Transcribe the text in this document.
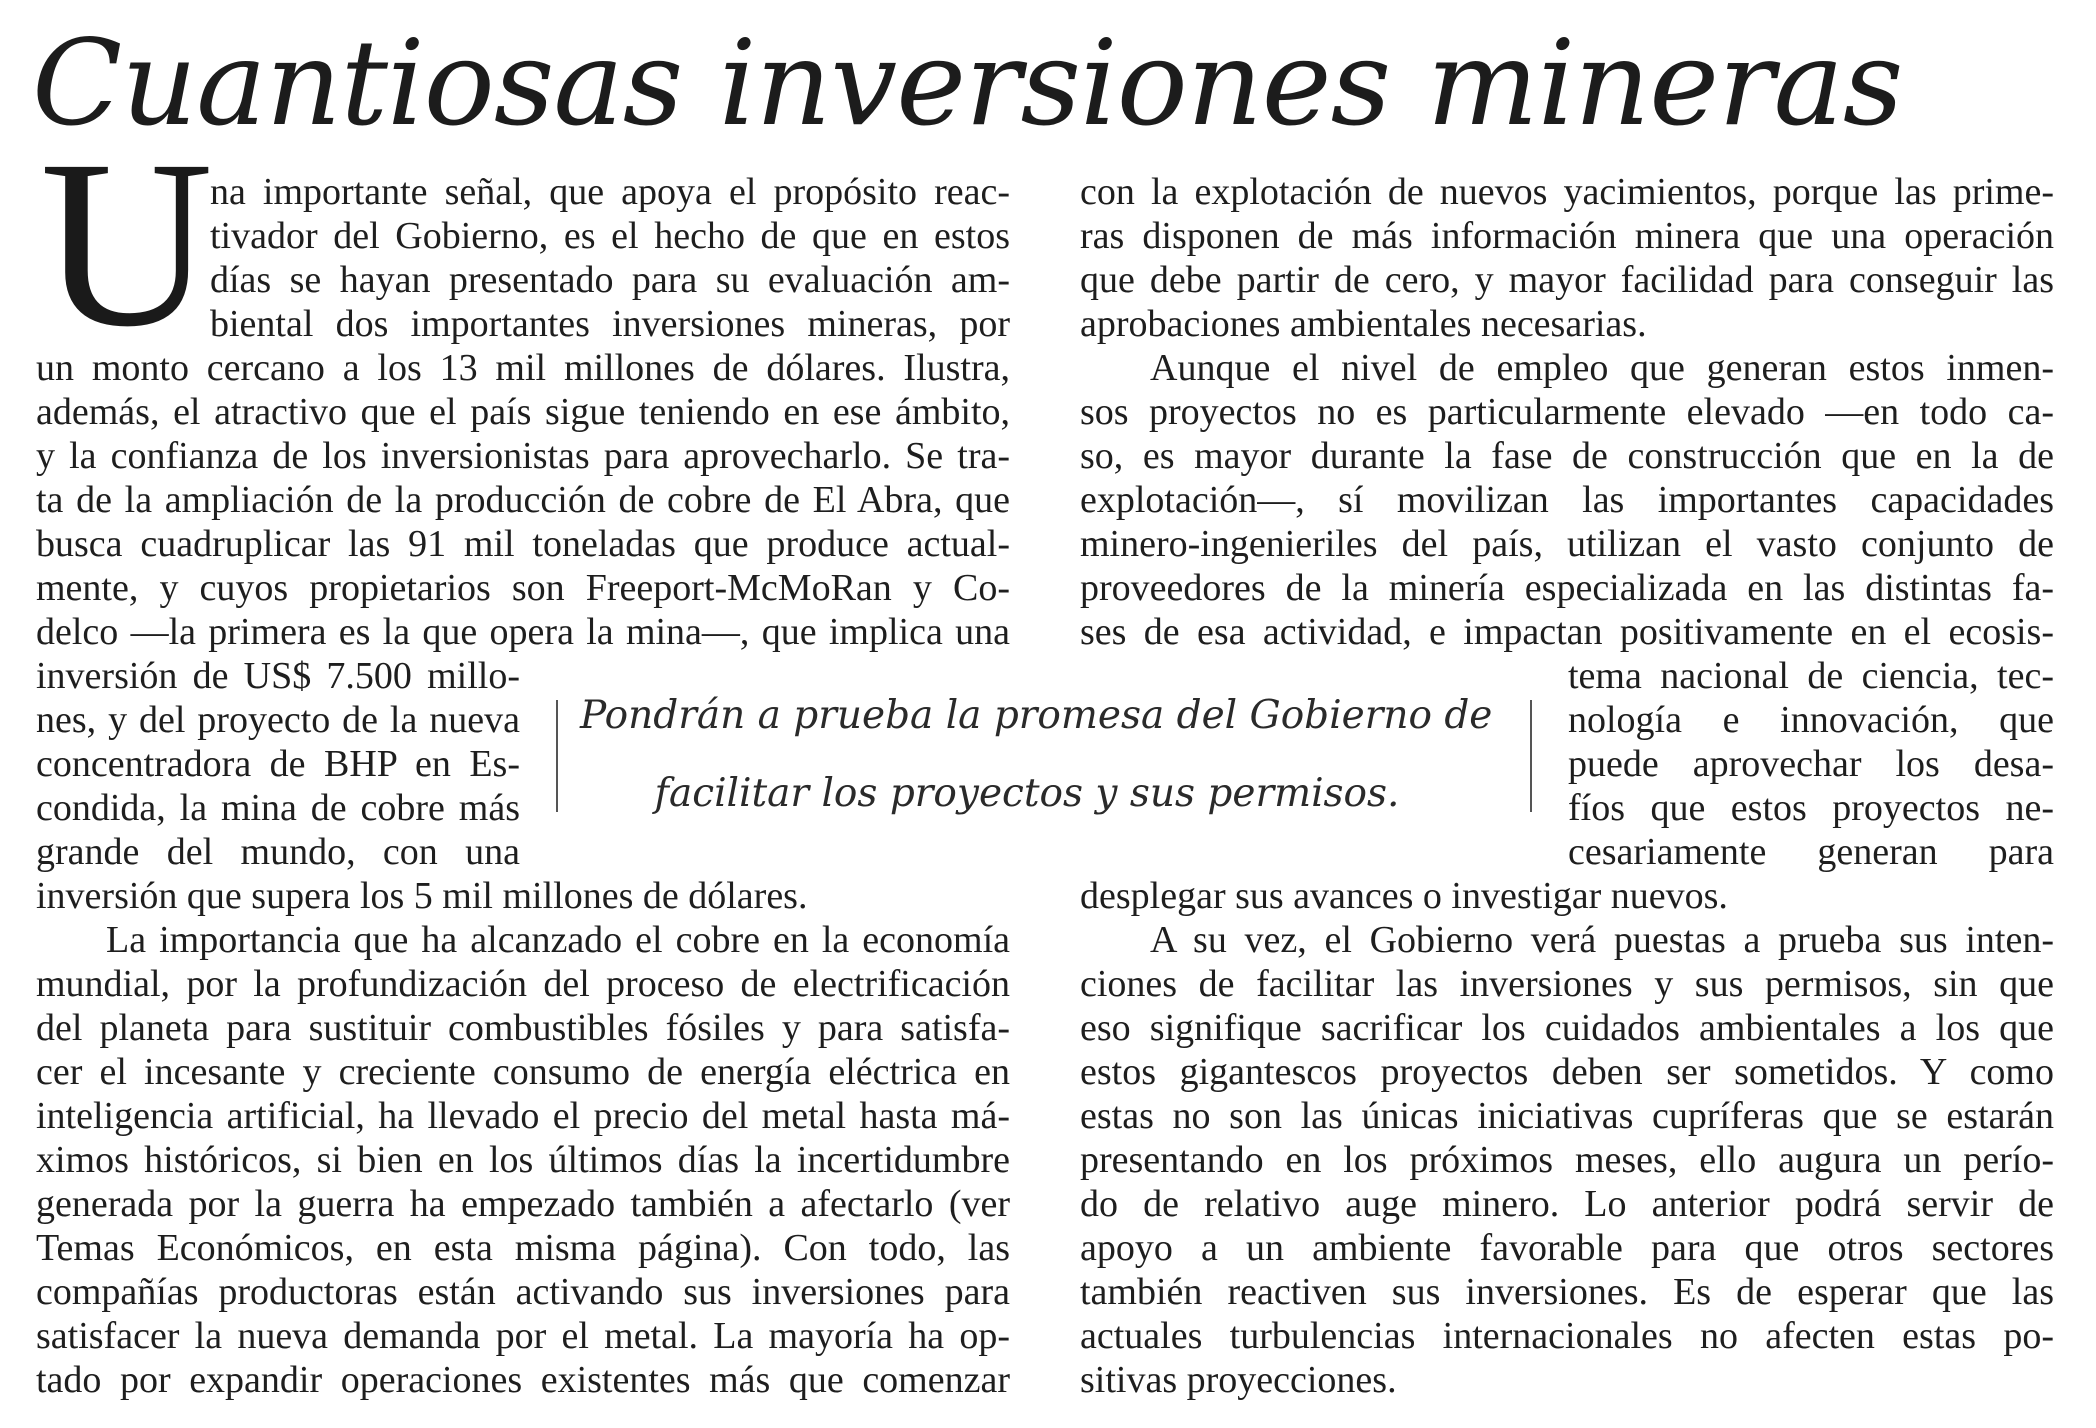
Cuantiosas inversiones mineras
U

na importante señal, que apoya el propósito reac-

tivador del Gobierno, es el hecho de que en estos

días se hayan presentado para su evaluación am-

biental dos importantes inversiones mineras, por

un monto cercano a los 13 mil millones de dólares. Ilustra,

además, el atractivo que el país sigue teniendo en ese ámbito,

y la confianza de los inversionistas para aprovecharlo. Se tra-

ta de la ampliación de la producción de cobre de El Abra, que

busca cuadruplicar las 91 mil toneladas que produce actual-

mente, y cuyos propietarios son Freeport-McMoRan y Co-

delco —la primera es la que opera la mina—, que implica una

inversión de US$ 7.500 millo-

nes, y del proyecto de la nueva

concentradora de BHP en Es-

condida, la mina de cobre más

grande del mundo, con una

inversión que supera los 5 mil millones de dólares.

La importancia que ha alcanzado el cobre en la economía

mundial, por la profundización del proceso de electrificación

del planeta para sustituir combustibles fósiles y para satisfa-

cer el incesante y creciente consumo de energía eléctrica en

inteligencia artificial, ha llevado el precio del metal hasta má-

ximos históricos, si bien en los últimos días la incertidumbre

generada por la guerra ha empezado también a afectarlo (ver

Temas Económicos, en esta misma página). Con todo, las

compañías productoras están activando sus inversiones para

satisfacer la nueva demanda por el metal. La mayoría ha op-

tado por expandir operaciones existentes más que comenzar

con la explotación de nuevos yacimientos, porque las prime-

ras disponen de más información minera que una operación

que debe partir de cero, y mayor facilidad para conseguir las

aprobaciones ambientales necesarias.

Aunque el nivel de empleo que generan estos inmen-

sos proyectos no es particularmente elevado —en todo ca-

so, es mayor durante la fase de construcción que en la de

explotación—, sí movilizan las importantes capacidades

minero-ingenieriles del país, utilizan el vasto conjunto de

proveedores de la minería especializada en las distintas fa-

ses de esa actividad, e impactan positivamente en el ecosis-

tema nacional de ciencia, tec-

nología e innovación, que

puede aprovechar los desa-

fíos que estos proyectos ne-

cesariamente generan para

desplegar sus avances o investigar nuevos.

A su vez, el Gobierno verá puestas a prueba sus inten-

ciones de facilitar las inversiones y sus permisos, sin que

eso signifique sacrificar los cuidados ambientales a los que

estos gigantescos proyectos deben ser sometidos. Y como

estas no son las únicas iniciativas cupríferas que se estarán

presentando en los próximos meses, ello augura un perío-

do de relativo auge minero. Lo anterior podrá servir de

apoyo a un ambiente favorable para que otros sectores

también reactiven sus inversiones. Es de esperar que las

actuales turbulencias internacionales no afecten estas po-

sitivas proyecciones.

Pondrán a prueba la promesa del Gobierno de

facilitar los proyectos y sus permisos.
